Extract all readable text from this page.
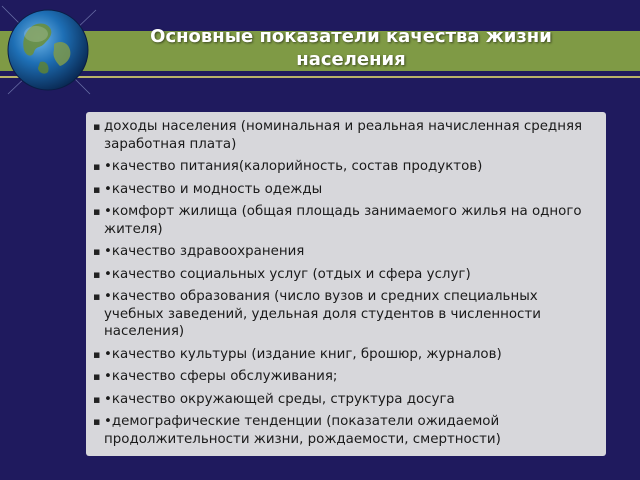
Основные показатели качества жизни населения
▪ доходы населения (номинальная и реальная начисленная средняя заработная плата)
▪ •качество питания(калорийность, состав продуктов)
▪ •качество и модность одежды
▪ •комфорт жилища (общая площадь занимаемого жилья на одного жителя)
▪ •качество здравоохранения
▪ •качество социальных услуг (отдых и сфера услуг)
▪ •качество образования (число вузов и средних специальных учебных заведений, удельная доля студентов в численности населения)
▪ •качество культуры (издание книг, брошюр, журналов)
▪ •качество сферы обслуживания;
▪ •качество окружающей среды, структура досуга
▪ •демографические тенденции (показатели ожидаемой продолжительности жизни, рождаемости, смертности)
